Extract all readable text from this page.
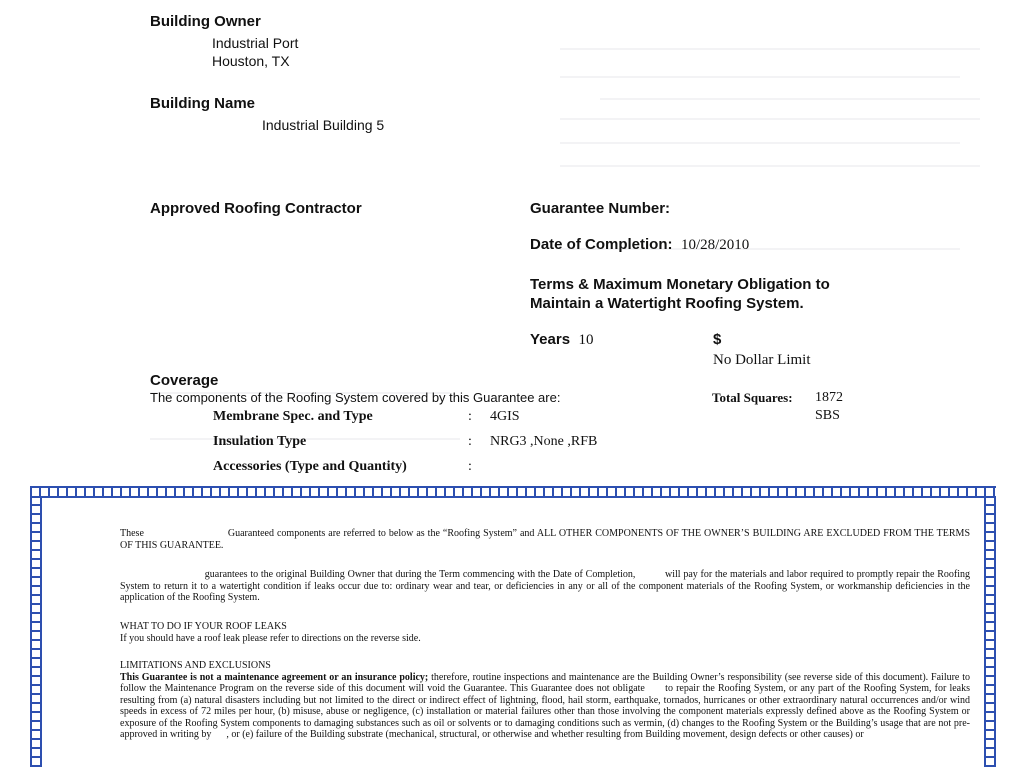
Building Owner
Industrial Port
Houston, TX
Building Name
Industrial Building 5
Approved Roofing Contractor	Guarantee Number:
Date of Completion: 10/28/2010
Terms & Maximum Monetary Obligation to
Maintain a Watertight Roofing System.
Years 10	$
No Dollar Limit
Coverage
The components of the Roofing System covered by this Guarantee are:	Total Squares: 1872
SBS
Membrane Spec. and Type	: 4GIS
Insulation Type	: NRG3 ,None ,RFB
Accessories (Type and Quantity)	:
These	Guaranteed components are referred to below as the “Roofing System” and ALL OTHER COMPONENTS OF THE OWNER’S BUILDING ARE EXCLUDED FROM THE TERMS OF THIS GUARANTEE.
guarantees to the original Building Owner that during the Term commencing with the Date of Completion,	will pay for the materials and labor required to promptly repair the Roofing System to return it to a watertight condition if leaks occur due to: ordinary wear and tear, or deficiencies in any or all of the component materials of the Roofing System, or workmanship deficiencies in the application of the Roofing System.
WHAT TO DO IF YOUR ROOF LEAKS
If you should have a roof leak please refer to directions on the reverse side.
LIMITATIONS AND EXCLUSIONS
This Guarantee is not a maintenance agreement or an insurance policy; therefore, routine inspections and maintenance are the Building Owner’s responsibility (see reverse side of this document). Failure to follow the Maintenance Program on the reverse side of this document will void the Guarantee. This Guarantee does not obligate to repair the Roofing System, or any part of the Roofing System, for leaks resulting from (a) natural disasters including but not limited to the direct or indirect effect of lightning, flood, hail storm, earthquake, tornados, hurricanes or other extraordinary natural occurrences and/or wind speeds in excess of 72 miles per hour, (b) misuse, abuse or negligence, (c) installation or material failures other than those involving the component materials expressly defined above as the Roofing System or exposure of the Roofing System components to damaging substances such as oil or solvents or to damaging conditions such as vermin, (d) changes to the Roofing System or the Building’s usage that are not pre-approved in writing by , or (e) failure of the Building substrate (mechanical, structural, or otherwise and whether resulting from Building movement, design defects or other causes) or
